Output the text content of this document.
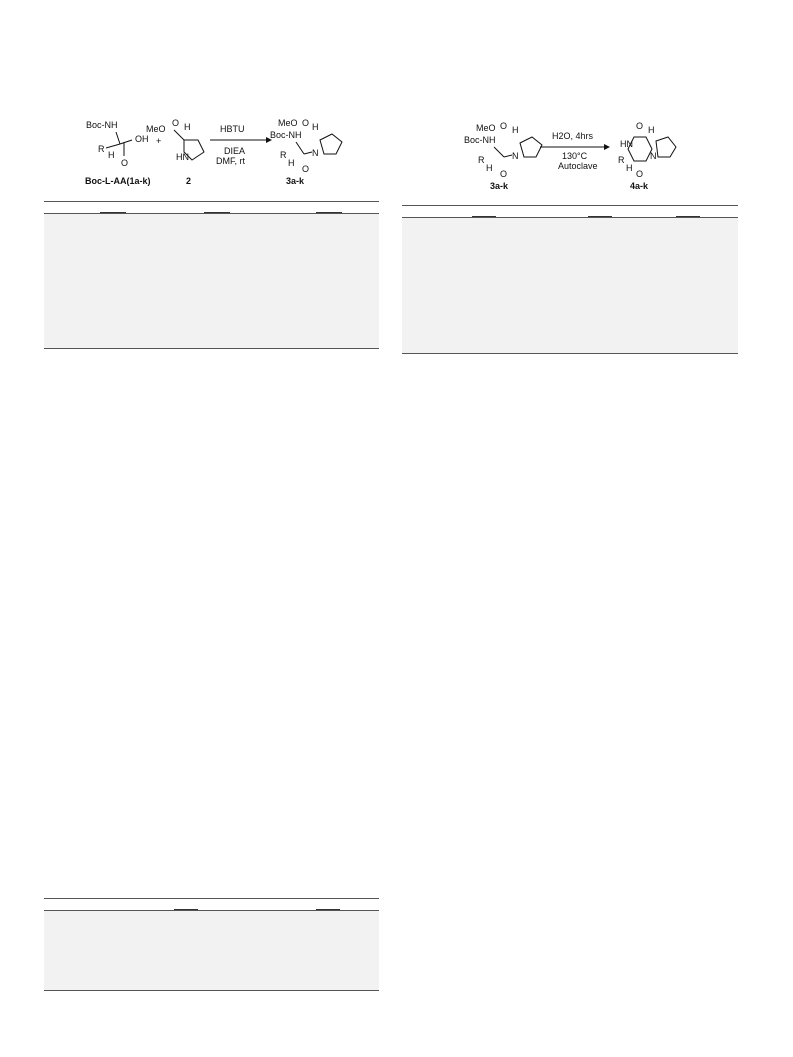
Boc-NH
R
H
OH
O
Boc-L-AA(1a-k)
+
MeO
O H
HN
2
HBTU
DIEA
DMF, rt
MeO O H
Boc-NH
R
H
N
O
3a-k
MeO O H
Boc-NH
R
H
N
O
3a-k
H2O, 4hrs
130°C
Autoclave
O H
HN
R
H
N
O
4a-k
